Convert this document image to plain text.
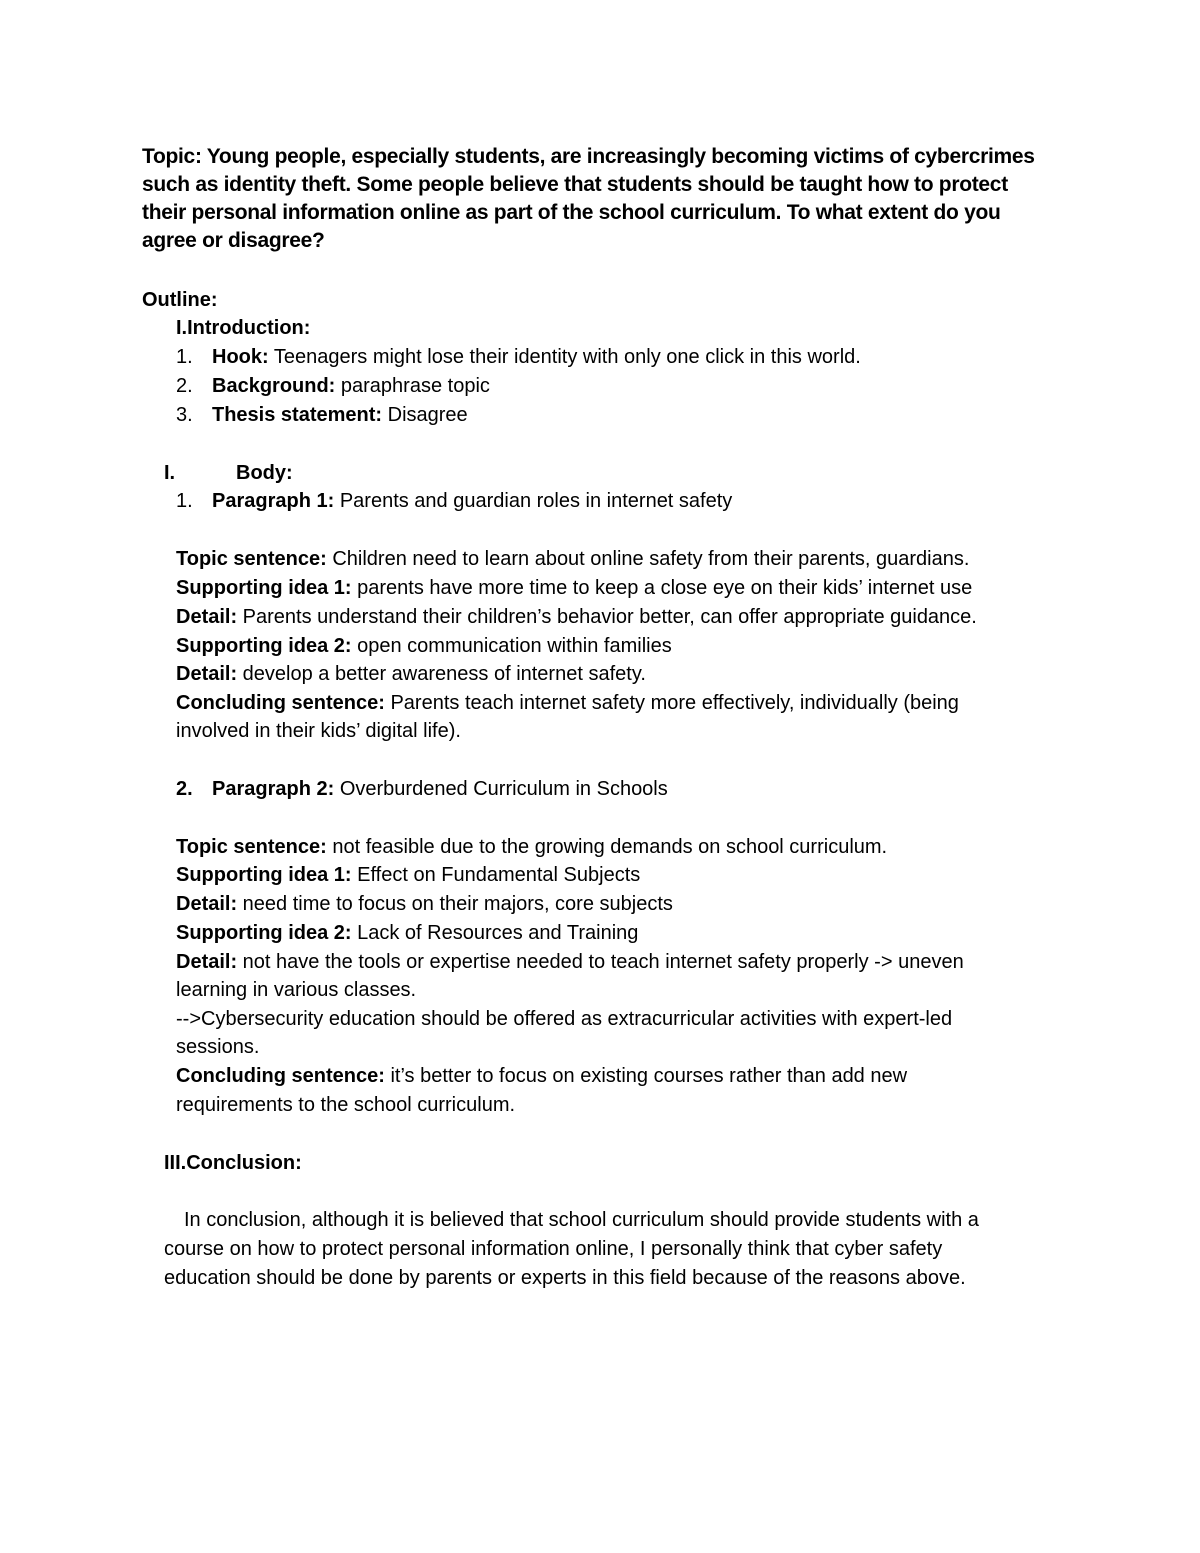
Topic: Young people, especially students, are increasingly becoming victims of cybercrimes
such as identity theft. Some people believe that students should be taught how to protect
their personal information online as part of the school curriculum. To what extent do you
agree or disagree?
Outline:
I.Introduction:
1. Hook: Teenagers might lose their identity with only one click in this world.
2. Background: paraphrase topic
3. Thesis statement: Disagree
I.	Body:
1. Paragraph 1: Parents and guardian roles in internet safety
Topic sentence: Children need to learn about online safety from their parents, guardians.
Supporting idea 1: parents have more time to keep a close eye on their kids’ internet use
Detail: Parents understand their children’s behavior better, can offer appropriate guidance.
Supporting idea 2: open communication within families
Detail: develop a better awareness of internet safety.
Concluding sentence: Parents teach internet safety more effectively, individually (being
involved in their kids’ digital life).
2. Paragraph 2: Overburdened Curriculum in Schools
Topic sentence: not feasible due to the growing demands on school curriculum.
Supporting idea 1: Effect on Fundamental Subjects
Detail: need time to focus on their majors, core subjects
Supporting idea 2: Lack of Resources and Training
Detail: not have the tools or expertise needed to teach internet safety properly -> uneven
learning in various classes.
-->Cybersecurity education should be offered as extracurricular activities with expert-led
sessions.
Concluding sentence: it’s better to focus on existing courses rather than add new
requirements to the school curriculum.
III.Conclusion:
In conclusion, although it is believed that school curriculum should provide students with a
course on how to protect personal information online, I personally think that cyber safety
education should be done by parents or experts in this field because of the reasons above.
